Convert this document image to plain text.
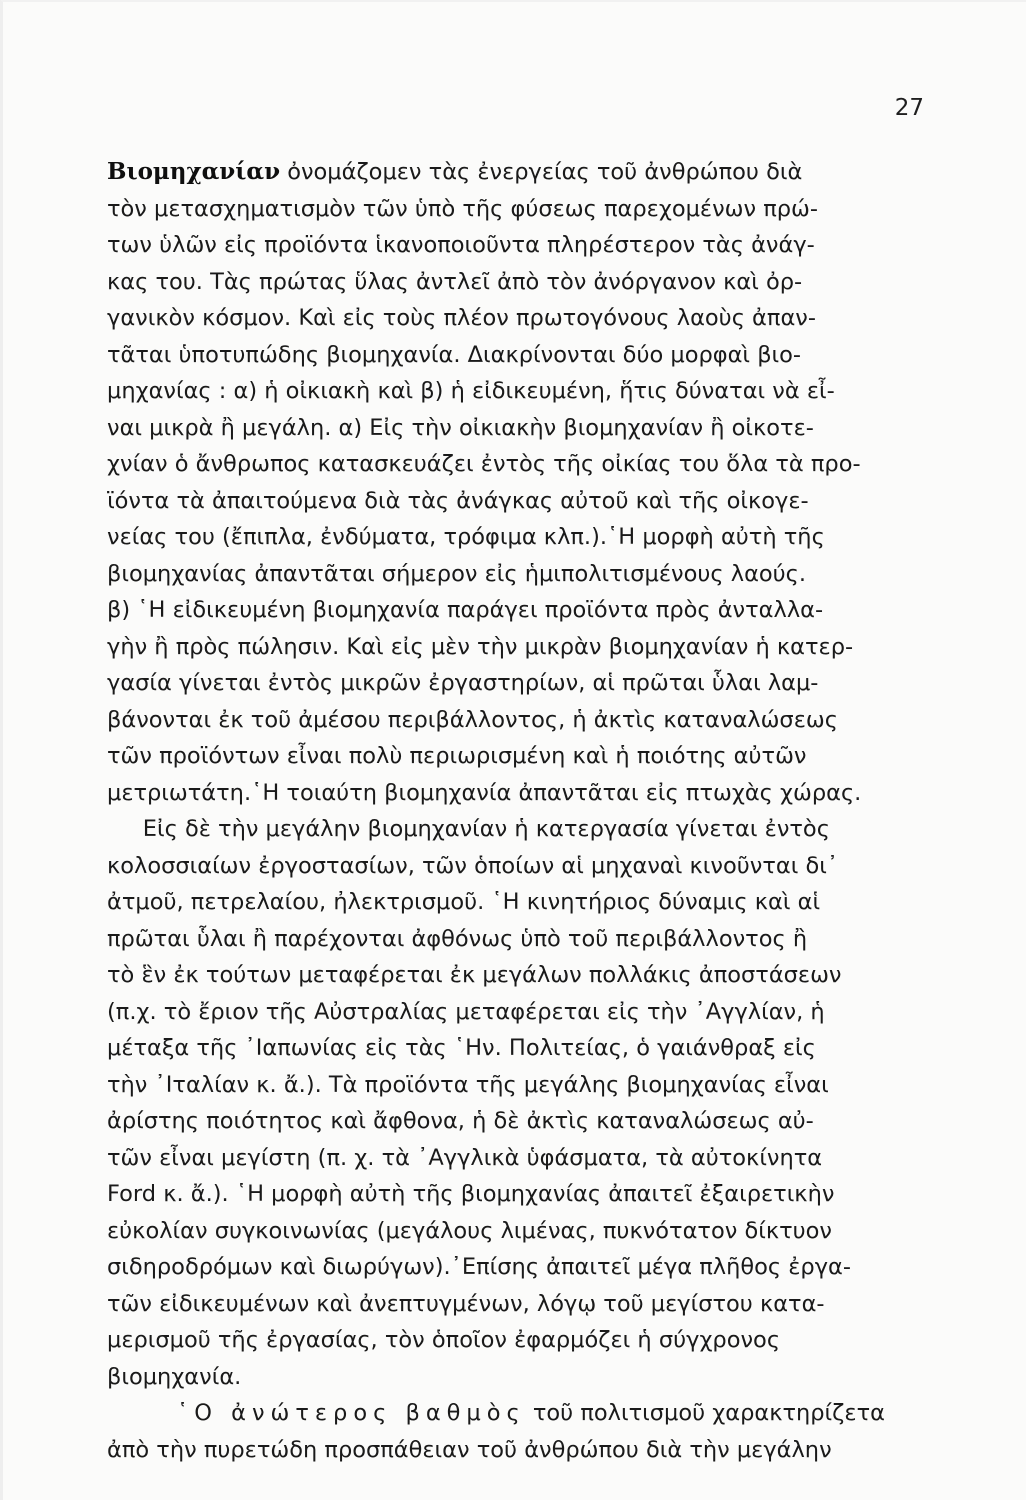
27
Βιομηχανίαν ὀνομάζομεν τὰς ἐνεργείας τοῦ ἀνθρώπου διὰ
τὸν μετασχηματισμὸν τῶν ὑπὸ τῆς φύσεως παρεχομένων πρώ-
των ὑλῶν εἰς προϊόντα ἱκανοποιοῦντα πληρέστερον τὰς ἀνάγ-
κας του. Τὰς πρώτας ὕλας ἀντλεῖ ἀπὸ τὸν ἀνόργανον καὶ ὀρ-
γανικὸν κόσμον. Καὶ εἰς τοὺς πλέον πρωτογόνους λαοὺς ἀπαν-
τᾶται ὑποτυπώδης βιομηχανία. Διακρίνονται δύο μορφαὶ βιο-
μηχανίας : α) ἡ οἰκιακὴ καὶ β) ἡ εἰδικευμένη, ἥτις δύναται νὰ εἶ-
ναι μικρὰ ἢ μεγάλη. α) Εἰς τὴν οἰκιακὴν βιομηχανίαν ἢ οἰκοτε-
χνίαν ὁ ἄνθρωπος κατασκευάζει ἐντὸς τῆς οἰκίας του ὅλα τὰ προ-
ϊόντα τὰ ἀπαιτούμενα διὰ τὰς ἀνάγκας αὐτοῦ καὶ τῆς οἰκογε-
νείας του (ἔπιπλα, ἐνδύματα, τρόφιμα κλπ.).῾Η μορφὴ αὐτὴ τῆς
βιομηχανίας ἀπαντᾶται σήμερον εἰς ἡμιπολιτισμένους λαούς.
β) ῾Η εἰδικευμένη βιομηχανία παράγει προϊόντα πρὸς ἀνταλλα-
γὴν ἢ πρὸς πώλησιν. Καὶ εἰς μὲν τὴν μικρὰν βιομηχανίαν ἡ κατερ-
γασία γίνεται ἐντὸς μικρῶν ἐργαστηρίων, αἱ πρῶται ὗλαι λαμ-
βάνονται ἐκ τοῦ ἀμέσου περιβάλλοντος, ἡ ἀκτὶς καταναλώσεως
τῶν προϊόντων εἶναι πολὺ περιωρισμένη καὶ ἡ ποιότης αὐτῶν
μετριωτάτη.῾Η τοιαύτη βιομηχανία ἀπαντᾶται εἰς πτωχὰς χώρας.
Εἰς δὲ τὴν μεγάλην βιομηχανίαν ἡ κατεργασία γίνεται ἐντὸς
κολοσσιαίων ἐργοστασίων, τῶν ὁποίων αἱ μηχαναὶ κινοῦνται δι᾽
ἀτμοῦ, πετρελαίου, ἠλεκτρισμοῦ. ῾Η κινητήριος δύναμις καὶ αἱ
πρῶται ὗλαι ἢ παρέχονται ἀφθόνως ὑπὸ τοῦ περιβάλλοντος ἢ
τὸ ἓν ἐκ τούτων μεταφέρεται ἐκ μεγάλων πολλάκις ἀποστάσεων
(π.χ. τὸ ἔριον τῆς Αὐστραλίας μεταφέρεται εἰς τὴν ᾽Αγγλίαν, ἡ
μέταξα τῆς ᾽Ιαπωνίας εἰς τὰς ῾Ην. Πολιτείας, ὁ γαιάνθραξ εἰς
τὴν ᾽Ιταλίαν κ. ἄ.). Τὰ προϊόντα τῆς μεγάλης βιομηχανίας εἶναι
ἀρίστης ποιότητος καὶ ἄφθονα, ἡ δὲ ἀκτὶς καταναλώσεως αὐ-
τῶν εἶναι μεγίστη (π. χ. τὰ ᾽Αγγλικὰ ὑφάσματα, τὰ αὐτοκίνητα
Ford κ. ἄ.). ῾Η μορφὴ αὐτὴ τῆς βιομηχανίας ἀπαιτεῖ ἐξαιρετικὴν
εὐκολίαν συγκοινωνίας (μεγάλους λιμένας, πυκνότατον δίκτυον
σιδηροδρόμων καὶ διωρύγων).᾽Επίσης ἀπαιτεῖ μέγα πλῆθος ἐργα-
τῶν εἰδικευμένων καὶ ἀνεπτυγμένων, λόγῳ τοῦ μεγίστου κατα-
μερισμοῦ τῆς ἐργασίας, τὸν ὁποῖον ἐφαρμόζει ἡ σύγχρονος
βιομηχανία.
῾Ο ἀνώτερος βαθμὸς τοῦ πολιτισμοῦ χαρακτηρίζετα
ἀπὸ τὴν πυρετώδη προσπάθειαν τοῦ ἀνθρώπου διὰ τὴν μεγάλην
